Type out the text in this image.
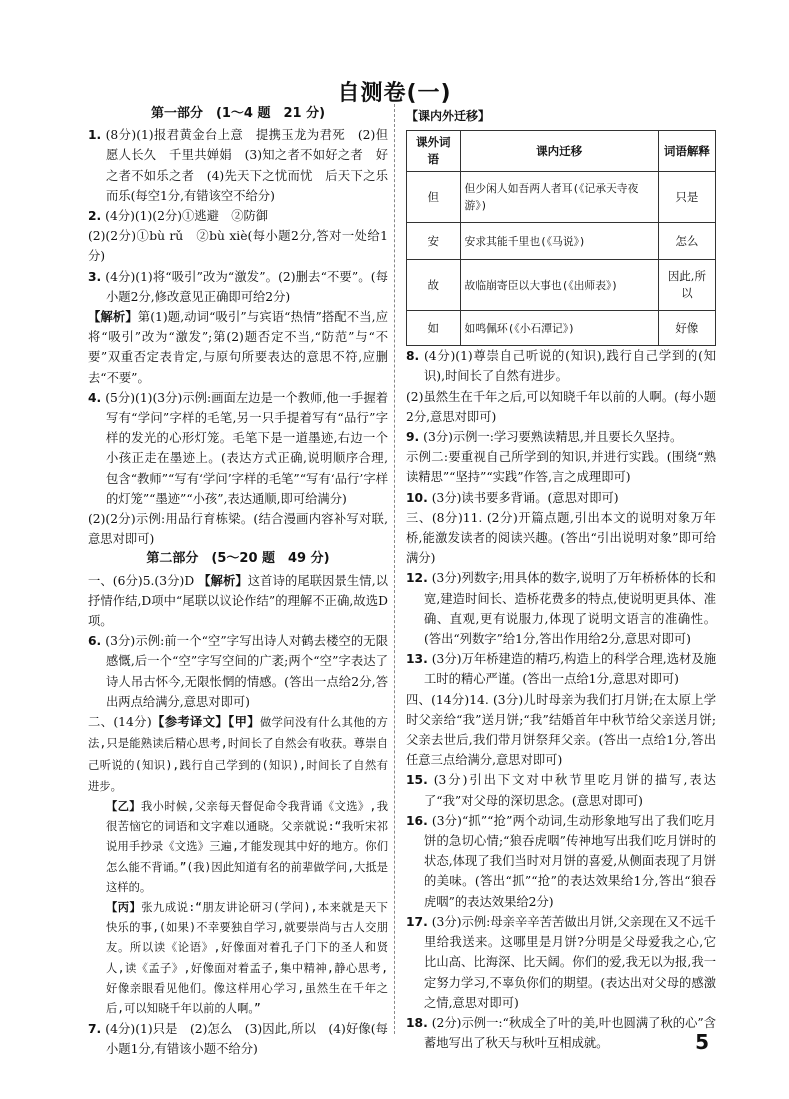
自测卷(一)
第一部分　(1～4 题　21 分)

1. (8分)(1)报君黄金台上意　提携玉龙为君死　(2)但愿人长久　千里共婵娟　(3)知之者不如好之者　好之者不如乐之者　(4)先天下之忧而忧　后天下之乐而乐(每空1分,有错该空不给分)

2. (4分)(1)(2分)①逃避　②防御

(2)(2分)①bù rǔ　②bù xiè(每小题2分,答对一处给1分)

3. (4分)(1)将“吸引”改为“激发”。(2)删去“不要”。(每小题2分,修改意见正确即可给2分)

【解析】第(1)题,动词“吸引”与宾语“热情”搭配不当,应将“吸引”改为“激发”;第(2)题否定不当,“防范”与“不要”双重否定表肯定,与原句所要表达的意思不符,应删去“不要”。

4. (5分)(1)(3分)示例:画面左边是一个教师,他一手握着写有“学问”字样的毛笔,另一只手提着写有“品行”字样的发光的心形灯笼。毛笔下是一道墨迹,右边一个小孩正走在墨迹上。(表达方式正确,说明顺序合理,包含“教师”“写有‘学问’字样的毛笔”“写有‘品行’字样的灯笼”“墨迹”“小孩”,表达通顺,即可给满分)

(2)(2分)示例:用品行育栋梁。(结合漫画内容补写对联,意思对即可)

第二部分　(5～20 题　49 分)

一、(6分)5.(3分)D 【解析】这首诗的尾联因景生情,以抒情作结,D项中“尾联以议论作结”的理解不正确,故选D项。

6. (3分)示例:前一个“空”字写出诗人对鹤去楼空的无限感慨,后一个“空”字写空间的广袤;两个“空”字表达了诗人吊古怀今,无限怅惘的情感。(答出一点给2分,答出两点给满分,意思对即可)

二、(14分)【参考译文】【甲】做学问没有什么其他的方法,只是能熟读后精心思考,时间长了自然会有收获。尊崇自己听说的(知识),践行自己学到的(知识),时间长了自然有进步。

【乙】我小时候,父亲每天督促命令我背诵《文选》,我很苦恼它的词语和文字难以通晓。父亲就说:“我听宋祁说用手抄录《文选》三遍,才能发现其中好的地方。你们怎么能不背诵。”(我)因此知道有名的前辈做学问,大抵是这样的。

【丙】张九成说:“朋友讲论研习(学问),本来就是天下快乐的事,(如果)不幸要独自学习,就要崇尚与古人交朋友。所以读《论语》,好像面对着孔子门下的圣人和贤人,读《孟子》,好像面对着孟子,集中精神,静心思考,好像亲眼看见他们。像这样用心学习,虽然生在千年之后,可以知晓千年以前的人啊。”

7. (4分)(1)只是　(2)怎么　(3)因此,所以　(4)好像(每小题1分,有错该小题不给分)

【课内外迁移】
课外词语	课内迁移	词语解释
但	但少闲人如吾两人者耳(《记承天寺夜游》)	只是
安	安求其能千里也(《马说》)	怎么
故	故临崩寄臣以大事也(《出师表》)	因此,所以
如	如鸣佩环(《小石潭记》)	好像

8. (4分)(1)尊崇自己听说的(知识),践行自己学到的(知识),时间长了自然有进步。

(2)虽然生在千年之后,可以知晓千年以前的人啊。(每小题2分,意思对即可)

9. (3分)示例一:学习要熟读精思,并且要长久坚持。

示例二:要重视自己所学到的知识,并进行实践。(围绕“熟读精思”“坚持”“实践”作答,言之成理即可)

10. (3分)读书要多背诵。(意思对即可)

三、(8分)11. (2分)开篇点题,引出本文的说明对象万年桥,能激发读者的阅读兴趣。(答出“引出说明对象”即可给满分)

12. (3分)列数字;用具体的数字,说明了万年桥桥体的长和宽,建造时间长、造桥花费多的特点,使说明更具体、准确、直观,更有说服力,体现了说明文语言的准确性。(答出“列数字”给1分,答出作用给2分,意思对即可)

13. (3分)万年桥建造的精巧,构造上的科学合理,选材及施工时的精心严谨。(答出一点给1分,意思对即可)

四、(14分)14. (3分)儿时母亲为我们打月饼;在太原上学时父亲给“我”送月饼;“我”结婚首年中秋节给父亲送月饼;父亲去世后,我们带月饼祭拜父亲。(答出一点给1分,答出任意三点给满分,意思对即可)

15. (3分)引出下文对中秋节里吃月饼的描写,表达了“我”对父母的深切思念。(意思对即可)

16. (3分)“抓”“抢”两个动词,生动形象地写出了我们吃月饼的急切心情;“狼吞虎咽”传神地写出我们吃月饼时的状态,体现了我们当时对月饼的喜爱,从侧面表现了月饼的美味。(答出“抓”“抢”的表达效果给1分,答出“狼吞虎咽”的表达效果给2分)

17. (3分)示例:母亲辛辛苦苦做出月饼,父亲现在又不远千里给我送来。这哪里是月饼?分明是父母爱我之心,它比山高、比海深、比天阔。你们的爱,我无以为报,我一定努力学习,不辜负你们的期望。(表达出对父母的感激之情,意思对即可)

18. (2分)示例一:“秋成全了叶的美,叶也圆满了秋的心”含蓄地写出了秋天与秋叶互相成就。	5
